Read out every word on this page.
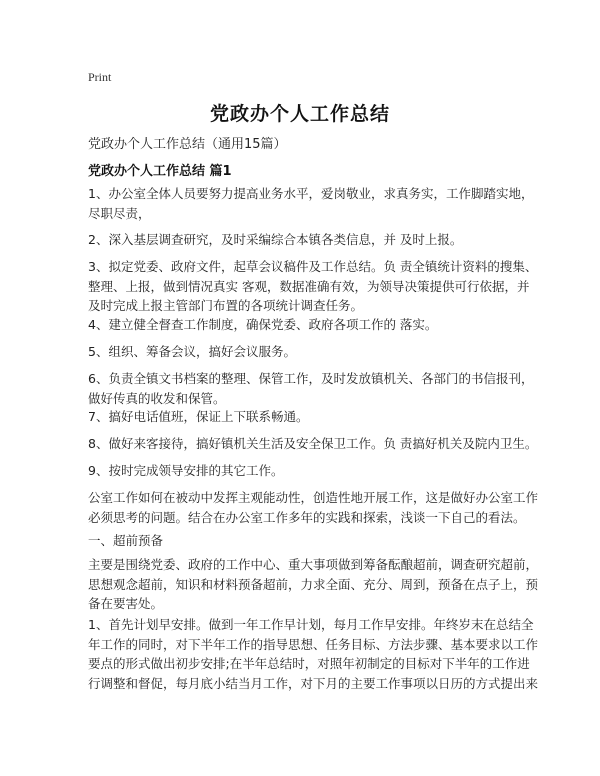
Print
党政办个人工作总结
党政办个人工作总结（通用15篇）
党政办个人工作总结 篇1

1、办公室全体人员要努力提高业务水平，爱岗敬业，求真务实，工作脚踏实地，
尽职尽责，

2、深入基层调查研究，及时采编综合本镇各类信息，并 及时上报。

3、拟定党委、政府文件，起草会议稿件及工作总结。负 责全镇统计资料的搜集、
整理、上报，做到情况真实 客观，数据准确有效，为领导决策提供可行依据，并
及时完成上报主管部门布置的各项统计调查任务。

4、建立健全督查工作制度，确保党委、政府各项工作的 落实。

5、组织、筹备会议，搞好会议服务。

6、负责全镇文书档案的整理、保管工作，及时发放镇机关、各部门的书信报刊，
做好传真的收发和保管。

7、搞好电话值班，保证上下联系畅通。

8、做好来客接待，搞好镇机关生活及安全保卫工作。负 责搞好机关及院内卫生。

9、按时完成领导安排的其它工作。

公室工作如何在被动中发挥主观能动性，创造性地开展工作，这是做好办公室工作
必须思考的问题。结合在办公室工作多年的实践和探索，浅谈一下自己的看法。

一、超前预备

主要是围绕党委、政府的工作中心、重大事项做到筹备酝酿超前，调查研究超前，
思想观念超前，知识和材料预备超前，力求全面、充分、周到，预备在点子上，预
备在要害处。

1、首先计划早安排。做到一年工作早计划，每月工作早安排。年终岁末在总结全
年工作的同时，对下半年工作的指导思想、任务目标、方法步骤、基本要求以工作
要点的形式做出初步安排;在半年总结时，对照年初制定的目标对下半年的工作进
行调整和督促，每月底小结当月工作，对下月的主要工作事项以日历的方式提出来
